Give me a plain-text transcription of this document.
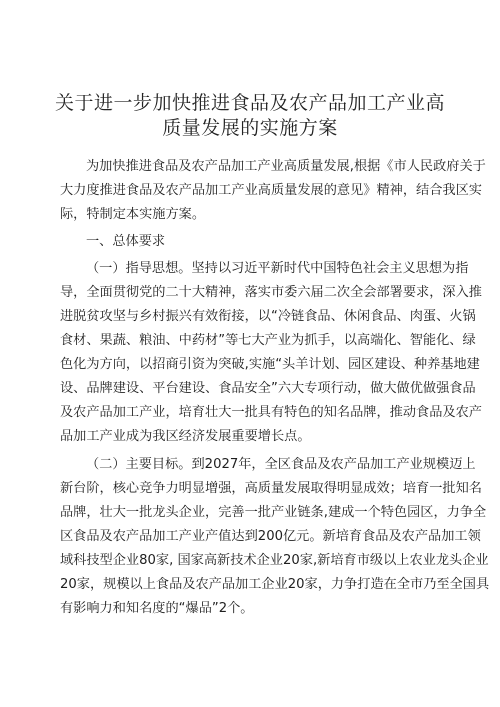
关于进一步加快推进食品及农产品加工产业高
质量发展的实施方案
为加快推进食品及农产品加工产业高质量发展,根据《市人民政府关于
大力度推进食品及农产品加工产业高质量发展的意见》精神，结合我区实
际，特制定本实施方案。
一、总体要求
（一）指导思想。坚持以习近平新时代中国特色社会主义思想为指
导，全面贯彻党的二十大精神，落实市委六届二次全会部署要求，深入推
进脱贫攻坚与乡村振兴有效衔接，以“冷链食品、休闲食品、肉蛋、火锅
食材、果蔬、粮油、中药材”等七大产业为抓手，以高端化、智能化、绿
色化为方向，以招商引资为突破,实施“头羊计划、园区建设、种养基地建
设、品牌建设、平台建设、食品安全”六大专项行动，做大做优做强食品
及农产品加工产业，培育壮大一批具有特色的知名品牌，推动食品及农产
品加工产业成为我区经济发展重要增长点。
（二）主要目标。到2027年，全区食品及农产品加工产业规模迈上
新台阶，核心竞争力明显增强，高质量发展取得明显成效；培育一批知名
品牌，壮大一批龙头企业，完善一批产业链条,建成一个特色园区，力争全
区食品及农产品加工产业产值达到200亿元。新培育食品及农产品加工领
域科技型企业80家, 国家高新技术企业20家,新培育市级以上农业龙头企业
20家，规模以上食品及农产品加工企业20家，力争打造在全市乃至全国具
有影响力和知名度的“爆品”2个。
